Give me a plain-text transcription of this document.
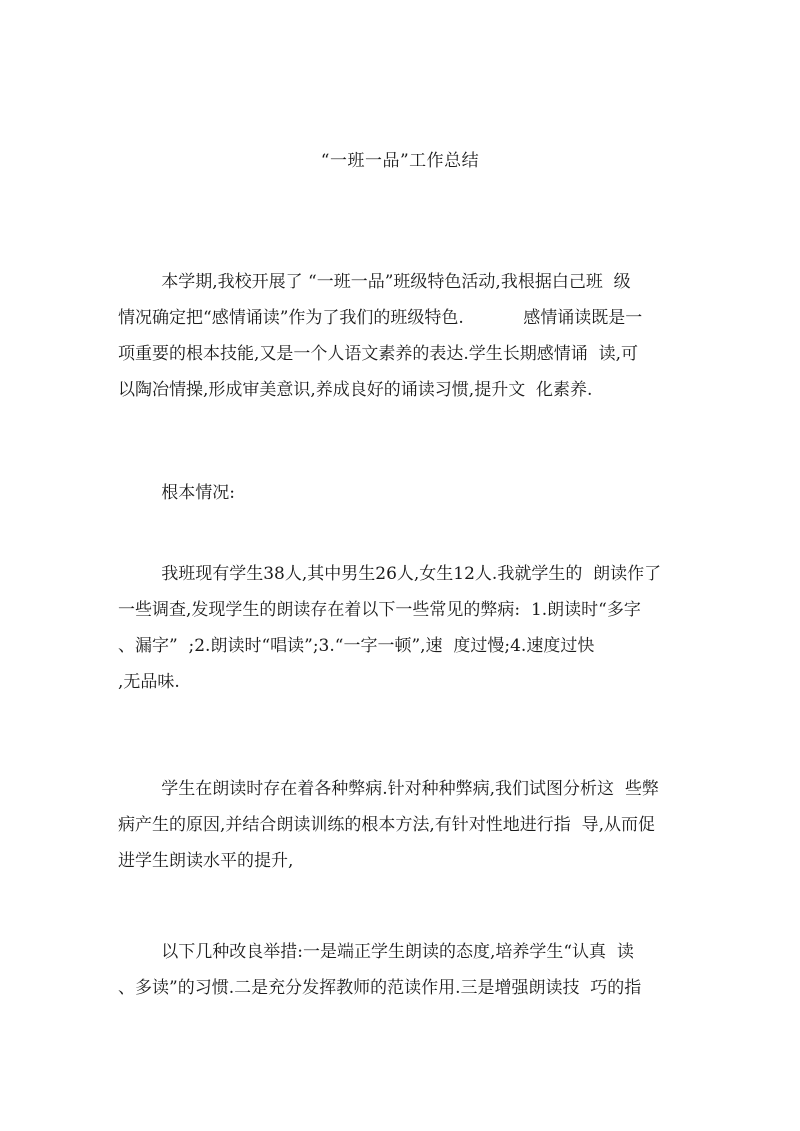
“一班一品”工作总结
本学期,我校开展了 “一班一品”班级特色活动,我根据白己班  级
情况确定把“感情诵读”作为了我们的班级特色.           感情诵读既是一
项重要的根本技能,又是一个人语文素养的表达.学生长期感情诵  读,可
以陶冶情操,形成审美意识,养成良好的诵读习惯,提升文  化素养.
根本情况:
我班现有学生38人,其中男生26人,女生12人.我就学生的  朗读作了
一些调查,发现学生的朗读存在着以下一些常见的弊病:  1.朗读时“多字
、漏字”  ;2.朗读时“唱读”;3.“一字一顿”,速  度过慢;4.速度过快
,无品味.
学生在朗读时存在着各种弊病.针对种种弊病,我们试图分析这  些弊
病产生的原因,并结合朗读训练的根本方法,有针对性地进行指  导,从而促
进学生朗读水平的提升,
以下几种改良举措:一是端正学生朗读的态度,培养学生“认真  读
、多读”的习惯.二是充分发挥教师的范读作用.三是增强朗读技  巧的指
